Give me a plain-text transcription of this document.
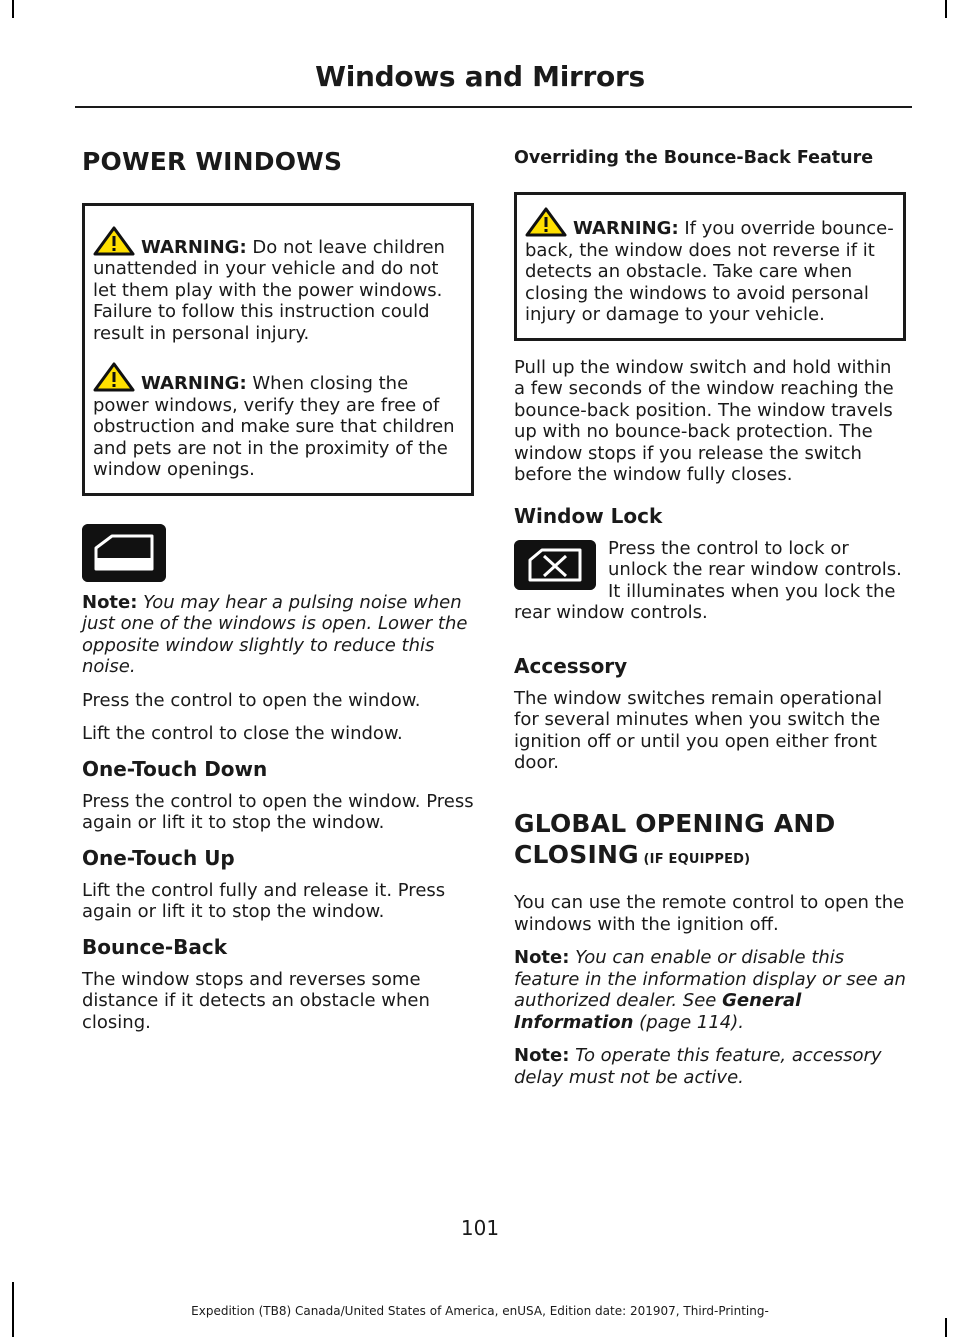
Windows and Mirrors
POWER WINDOWS

WARNING: Do not leave children unattended in your vehicle and do not let them play with the power windows. Failure to follow this instruction could result in personal injury.

WARNING: When closing the power windows, verify they are free of obstruction and make sure that children and pets are not in the proximity of the window openings.

Note: You may hear a pulsing noise when just one of the windows is open. Lower the opposite window slightly to reduce this noise.

Press the control to open the window.

Lift the control to close the window.

One-Touch Down

Press the control to open the window. Press again or lift it to stop the window.

One-Touch Up

Lift the control fully and release it. Press again or lift it to stop the window.

Bounce-Back

The window stops and reverses some distance if it detects an obstacle when closing.

Overriding the Bounce-Back Feature

WARNING: If you override bounce-back, the window does not reverse if it detects an obstacle. Take care when closing the windows to avoid personal injury or damage to your vehicle.

Pull up the window switch and hold within a few seconds of the window reaching the bounce-back position. The window travels up with no bounce-back protection. The window stops if you release the switch before the window fully closes.

Window Lock

Press the control to lock or unlock the rear window controls. It illuminates when you lock the rear window controls.

Accessory

The window switches remain operational for several minutes when you switch the ignition off or until you open either front door.

GLOBAL OPENING AND CLOSING (IF EQUIPPED)

You can use the remote control to open the windows with the ignition off.

Note: You can enable or disable this feature in the information display or see an authorized dealer. See General Information (page 114).

Note: To operate this feature, accessory delay must not be active.

101
Expedition (TB8) Canada/United States of America, enUSA, Edition date: 201907, Third-Printing-
